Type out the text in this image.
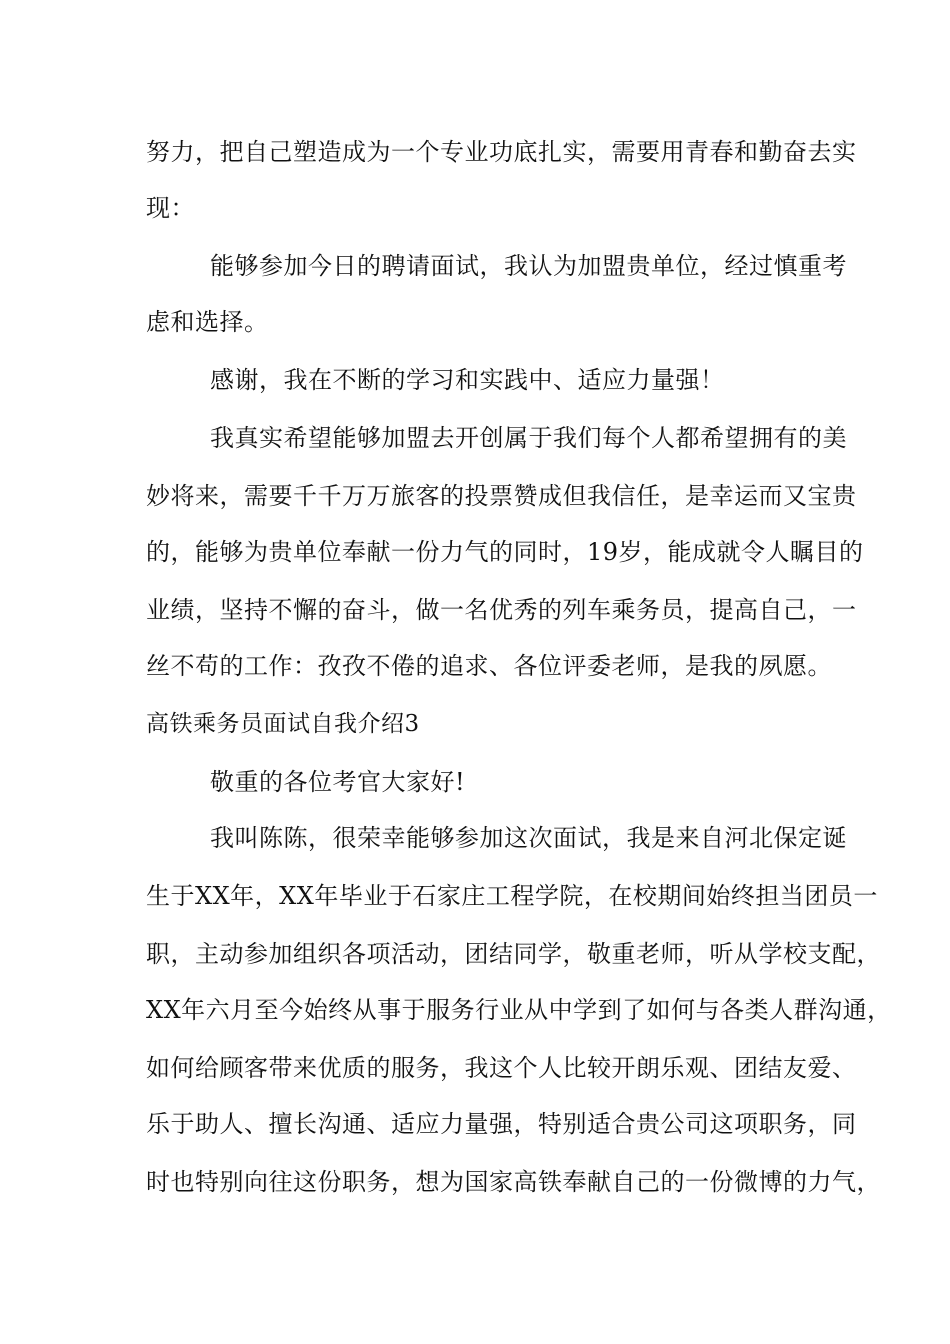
努力，把自己塑造成为一个专业功底扎实，需要用青春和勤奋去实
现：
能够参加今日的聘请面试，我认为加盟贵单位，经过慎重考
虑和选择。
感谢，我在不断的学习和实践中、适应力量强！
我真实希望能够加盟去开创属于我们每个人都希望拥有的美
妙将来，需要千千万万旅客的投票赞成但我信任，是幸运而又宝贵
的，能够为贵单位奉献一份力气的同时，19岁，能成就令人瞩目的
业绩，坚持不懈的奋斗，做一名优秀的列车乘务员，提高自己，一
丝不苟的工作：孜孜不倦的追求、各位评委老师，是我的夙愿。
高铁乘务员面试自我介绍3
敬重的各位考官大家好!
我叫陈陈，很荣幸能够参加这次面试，我是来自河北保定诞
生于XX年，XX年毕业于石家庄工程学院，在校期间始终担当团员一
职，主动参加组织各项活动，团结同学，敬重老师，听从学校支配，
XX年六月至今始终从事于服务行业从中学到了如何与各类人群沟通，
如何给顾客带来优质的服务，我这个人比较开朗乐观、团结友爱、
乐于助人、擅长沟通、适应力量强，特别适合贵公司这项职务，同
时也特别向往这份职务，想为国家高铁奉献自己的一份微博的力气，
